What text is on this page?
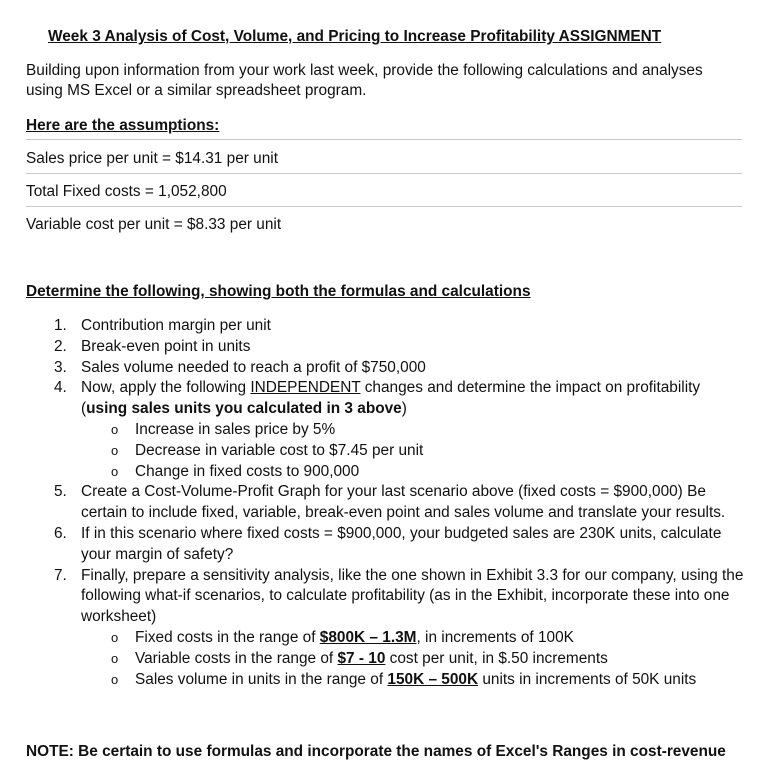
Week 3 Analysis of Cost, Volume, and Pricing to Increase Profitability ASSIGNMENT
Building upon information from your work last week, provide the following calculations and analyses using MS Excel or a similar spreadsheet program.
Here are the assumptions:
Sales price per unit = $14.31 per unit
Total Fixed costs = 1,052,800
Variable cost per unit = $8.33 per unit
Determine the following, showing both the formulas and calculations
1. Contribution margin per unit
2. Break-even point in units
3. Sales volume needed to reach a profit of $750,000
4. Now, apply the following INDEPENDENT changes and determine the impact on profitability (using sales units you calculated in 3 above)
o Increase in sales price by 5%
o Decrease in variable cost to $7.45 per unit
o Change in fixed costs to 900,000
5. Create a Cost-Volume-Profit Graph for your last scenario above (fixed costs = $900,000) Be certain to include fixed, variable, break-even point and sales volume and translate your results.
6. If in this scenario where fixed costs = $900,000, your budgeted sales are 230K units, calculate your margin of safety?
7. Finally, prepare a sensitivity analysis, like the one shown in Exhibit 3.3 for our company, using the following what-if scenarios, to calculate profitability (as in the Exhibit, incorporate these into one worksheet)
o Fixed costs in the range of $800K – 1.3M, in increments of 100K
o Variable costs in the range of $7 - 10 cost per unit, in $.50 increments
o Sales volume in units in the range of 150K – 500K units in increments of 50K units
NOTE: Be certain to use formulas and incorporate the names of Excel's Ranges in cost-revenue
